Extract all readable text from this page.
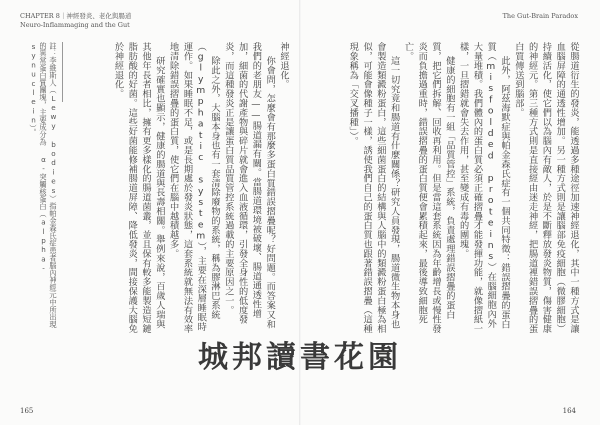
CHAPTER 8｜神經發炎、老化與腸道
Neuro-Inflammaging and the Gut
The Gut-Brain Paradox

從腸道衍生的發炎，能透過多種途徑加速神經退化，其中一種方式是讓血腦屏障的通透性增加。另一種方式則是讓腦部免疫細胞（微膠細胞）持續活化，使它們以為腦內有敵人，於是不斷釋放發炎物質，傷害健康的神經元。第三種方式則是直接經由迷走神經，把腸道裡錯誤摺疊的蛋白質傳送到腦部。

此外，阿茲海默症與帕金森氏症有一個共同特徵：錯誤摺疊的蛋白質（misfolded proteins）在腦細胞內外大量堆積。我們體內的蛋白質必須正確摺疊才能發揮功能，就像摺紙一樣，一旦摺錯就會失去作用，甚至變成有毒的團塊。

健康的細胞有一組「品質管控」系統，負責處理錯誤摺疊的蛋白質，把它們拆解、回收再利用。但是當這套系統因為年齡增長或慢性發炎而負擔過重時，錯誤摺疊的蛋白質便會累積起來，最後導致細胞死亡。

這一切究竟和腸道有什麼關係？研究人員發現，腸道微生物本身也會製造類澱粉蛋白，這些細菌蛋白的結構與人腦中的類澱粉蛋白極為相似，可能會像種子一樣，誘使我們自己的蛋白質也跟著錯誤摺疊（這種現象稱為「交叉播種」）。

神經退化。

你會問，怎麼會有那麼多蛋白質錯誤摺疊呢？好問題。而答案又和我們的老朋友——腸道漏有關。當腸道環境被破壞、腸道通透性增加，細菌的代謝產物與碎片就會進入血液循環，引發全身性的低度發炎，而這種發炎正是讓蛋白質品質管控系統過載的主要原因之一。

除此之外，大腦本身也有一套清除廢物的系統，稱為膠淋巴系統（glymphatic system），主要在深層睡眠時運作。如果睡眠不足，或是長期處於發炎狀態，這套系統就無法有效率地清除錯誤摺疊的蛋白質，使它們在腦中越積越多。

研究確實也顯示，健康的腸道與長壽相關。舉例來說，百歲人瑞與其他年長者相比，擁有更多樣化的腸道菌叢，並且保有較多能製造短鏈脂肪酸的好菌。這些好菌能修補腸道屏障、降低發炎，間接保護大腦免於神經退化。

註：李維斯人（Lewy bodies）指帕金森氏症患者腦內神經元中所出現的異常蛋白質團塊，主要成分為 α-突觸核蛋白（alpha-synuclein）。

165	164
城邦讀書花園
